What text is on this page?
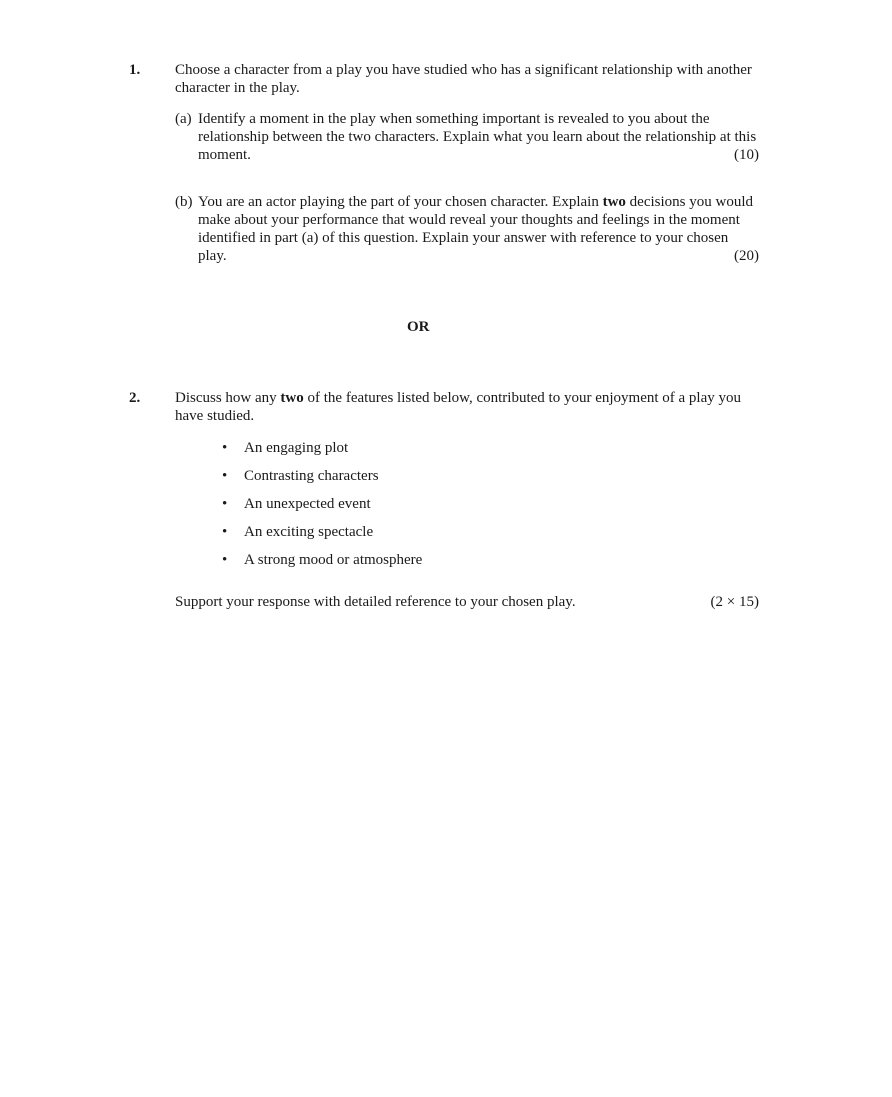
1. Choose a character from a play you have studied who has a significant relationship with another character in the play.
(a) Identify a moment in the play when something important is revealed to you about the relationship between the two characters. Explain what you learn about the relationship at this moment.	(10)
(b) You are an actor playing the part of your chosen character. Explain two decisions you would make about your performance that would reveal your thoughts and feelings in the moment identified in part (a) of this question. Explain your answer with reference to your chosen play.	(20)
OR
2. Discuss how any two of the features listed below, contributed to your enjoyment of a play you have studied.
• An engaging plot
• Contrasting characters
• An unexpected event
• An exciting spectacle
• A strong mood or atmosphere
Support your response with detailed reference to your chosen play.	(2 × 15)
